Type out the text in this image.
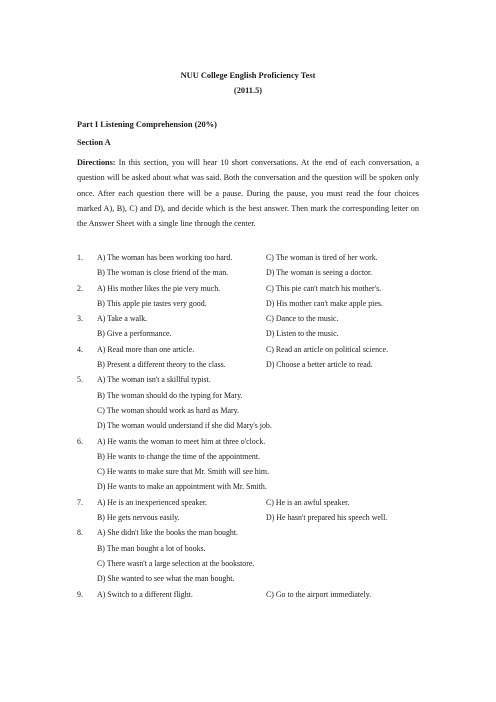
NUU College English Proficiency Test
(2011.5)
Part I Listening Comprehension (20%)
Section A
Directions: In this section, you will hear 10 short conversations. At the end of each conversation, a question will be asked about what was said. Both the conversation and the question will be spoken only once. After each question there will be a pause. During the pause, you must read the four choices marked A), B), C) and D), and decide which is the best answer. Then mark the corresponding letter on the Answer Sheet with a single line through the center.
1.	A) The woman has been working too hard.	C) The woman is tired of her work.
B) The woman is close friend of the man.	D) The woman is seeing a doctor.
2.	A) His mother likes the pie very much.	C) This pie can't match his mother's.
B) This apple pie tastes very good.	D) His mother can't make apple pies.
3.	A) Take a walk.	C) Dance to the music.
B) Give a performance.	D) Listen to the music.
4.	A) Read more than one article.	C) Read an article on political science.
B) Present a different theory to the class.	D) Choose a better article to read.
5.	A) The woman isn't a skillful typist.
B) The woman should do the typing for Mary.
C) The woman should work as hard as Mary.
D) The woman would understand if she did Mary's job.
6.	A) He wants the woman to meet him at three o'clock.
B) He wants to change the time of the appointment.
C) He wants to make sure that Mr. Smith will see him.
D) He wants to make an appointment with Mr. Smith.
7.	A) He is an inexperienced speaker.	C) He is an awful speaker.
B) He gets nervous easily.	D) He hasn't prepared his speech well.
8.	A) She didn't like the books the man bought.
B) The man bought a lot of books.
C) There wasn't a large selection at the bookstore.
D) She wanted to see what the man bought.
9.	A) Switch to a different flight.	C) Go to the airport immediately.
